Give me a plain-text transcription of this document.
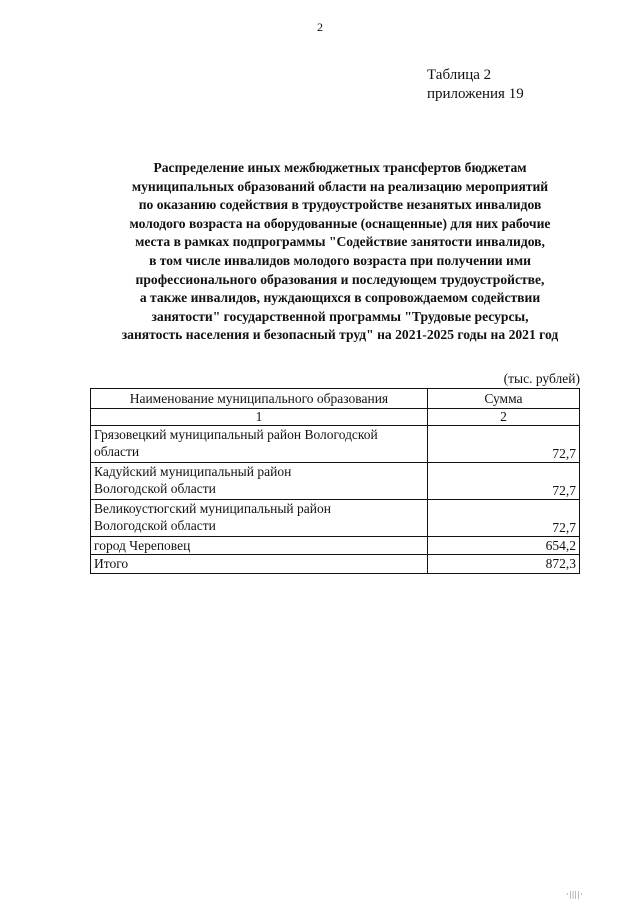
2
Таблица 2
приложения 19
Распределение иных межбюджетных трансфертов бюджетам
муниципальных образований области на реализацию мероприятий
по оказанию содействия в трудоустройстве незанятых инвалидов
молодого возраста на оборудованные (оснащенные) для них рабочие
места в рамках подпрограммы "Содействие занятости инвалидов,
в том числе инвалидов молодого возраста при получении ими
профессионального образования и последующем трудоустройстве,
а также инвалидов, нуждающихся в сопровождаемом содействии
занятости" государственной программы "Трудовые ресурсы,
занятость населения и безопасный труд" на 2021-2025 годы на 2021 год
(тыс. рублей)
Наименование муниципального образования	Сумма
1	2
Грязовецкий муниципальный район Вологодской
области	72,7
Кадуйский муниципальный район
Вологодской области	72,7
Великоустюгский муниципальный район
Вологодской области	72,7
город Череповец	654,2
Итого	872,3
·||||·
